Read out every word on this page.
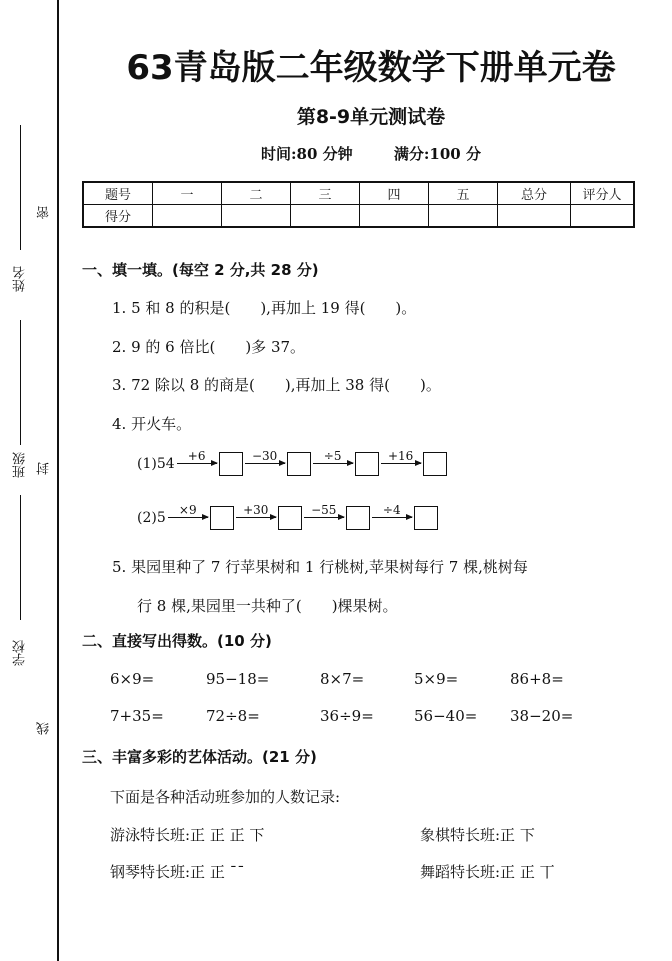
姓名
班级
学校
密
封
线
63青岛版二年级数学下册单元卷
第8-9单元测试卷
时间:80 分钟	满分:100 分
题号	一	二	三	四	五	总分	评分人
得分							
一、填一填。(每空 2 分,共 28 分)
1. 5 和 8 的积是(　　),再加上 19 得(　　)。
2. 9 的 6 倍比(　　)多 37。
3. 72 除以 8 的商是(　　),再加上 38 得(　　)。
4. 开火车。
(1)54 +6	−30	÷5	+16
(2)5 ×9	+30	−55	÷4
5. 果园里种了 7 行苹果树和 1 行桃树,苹果树每行 7 棵,桃树每
行 8 棵,果园里一共种了(　　)棵果树。
二、直接写出得数。(10 分)
6×9=	95−18=	8×7=	5×9=	86+8=
7+35=	72÷8=	36÷9=	56−40= 38−20=
三、丰富多彩的艺体活动。(21 分)
下面是各种活动班参加的人数记录:
游泳特长班:正 正 正 下	象棋特长班:正 下
钢琴特长班:正 正 ˉˉ	舞蹈特长班:正 正 丅
